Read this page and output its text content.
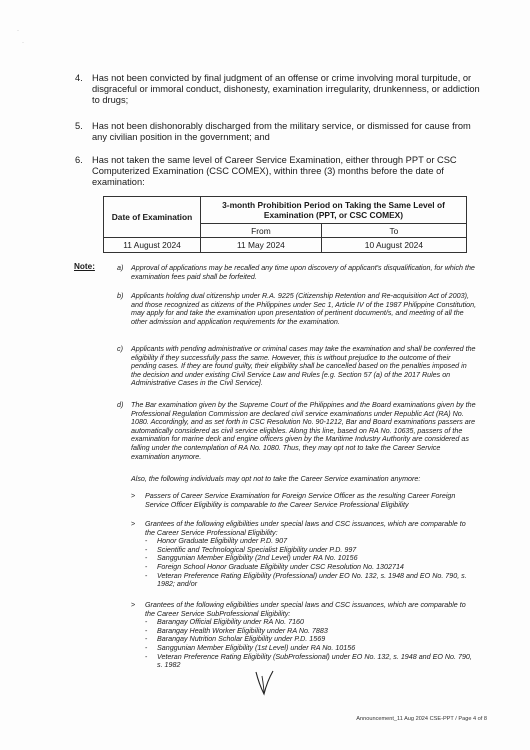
·
·
4. Has not been convicted by final judgment of an offense or crime involving moral turpitude, or disgraceful or immoral conduct, dishonesty, examination irregularity, drunkenness, or addiction to drugs;
5. Has not been dishonorably discharged from the military service, or dismissed for cause from any civilian position in the government; and
6. Has not taken the same level of Career Service Examination, either through PPT or CSC Computerized Examination (CSC COMEX), within three (3) months before the date of examination:
Date of Examination	3-month Prohibition Period on Taking the Same Level of Examination (PPT, or CSC COMEX)	
	From	To
11 August 2024	11 May 2024	10 August 2024
Note:	a) Approval of applications may be recalled any time upon discovery of applicant's disqualification, for which the examination fees paid shall be forfeited.
b) Applicants holding dual citizenship under R.A. 9225 (Citizenship Retention and Re-acquisition Act of 2003), and those recognized as citizens of the Philippines under Sec 1, Article IV of the 1987 Philippine Constitution, may apply for and take the examination upon presentation of pertinent document/s, and meeting of all the other admission and application requirements for the examination.
c) Applicants with pending administrative or criminal cases may take the examination and shall be conferred the eligibility if they successfully pass the same. However, this is without prejudice to the outcome of their pending cases. If they are found guilty, their eligibility shall be cancelled based on the penalties imposed in the decision and under existing Civil Service Law and Rules [e.g. Section 57 (a) of the 2017 Rules on Administrative Cases in the Civil Service].
d) The Bar examination given by the Supreme Court of the Philippines and the Board examinations given by the Professional Regulation Commission are declared civil service examinations under Republic Act (RA) No. 1080. Accordingly, and as set forth in CSC Resolution No. 90-1212, Bar and Board examinations passers are automatically considered as civil service eligibles. Along this line, based on RA No. 10635, passers of the examination for marine deck and engine officers given by the Maritime Industry Authority are considered as falling under the contemplation of RA No. 1080. Thus, they may opt not to take the Career Service examination anymore.
Also, the following individuals may opt not to take the Career Service examination anymore:
> Passers of Career Service Examination for Foreign Service Officer as the resulting Career Foreign Service Officer Eligibility is comparable to the Career Service Professional Eligibility
> Grantees of the following eligibilities under special laws and CSC issuances, which are comparable to the Career Service Professional Eligibility:
- Honor Graduate Eligibility under P.D. 907
- Scientific and Technological Specialist Eligibility under P.D. 997
- Sanggunian Member Eligibility (2nd Level) under RA No. 10156
- Foreign School Honor Graduate Eligibility under CSC Resolution No. 1302714
- Veteran Preference Rating Eligibility (Professional) under EO No. 132, s. 1948 and EO No. 790, s. 1982; and/or
> Grantees of the following eligibilities under special laws and CSC issuances, which are comparable to the Career Service SubProfessional Eligibility:
- Barangay Official Eligibility under RA No. 7160
- Barangay Health Worker Eligibility under RA No. 7883
- Barangay Nutrition Scholar Eligibility under P.D. 1569
- Sanggunian Member Eligibility (1st Level) under RA No. 10156
- Veteran Preference Rating Eligibility (SubProfessional) under EO No. 132, s. 1948 and EO No. 790, s. 1982
Announcement_11 Aug 2024 CSE-PPT / Page 4 of 8
